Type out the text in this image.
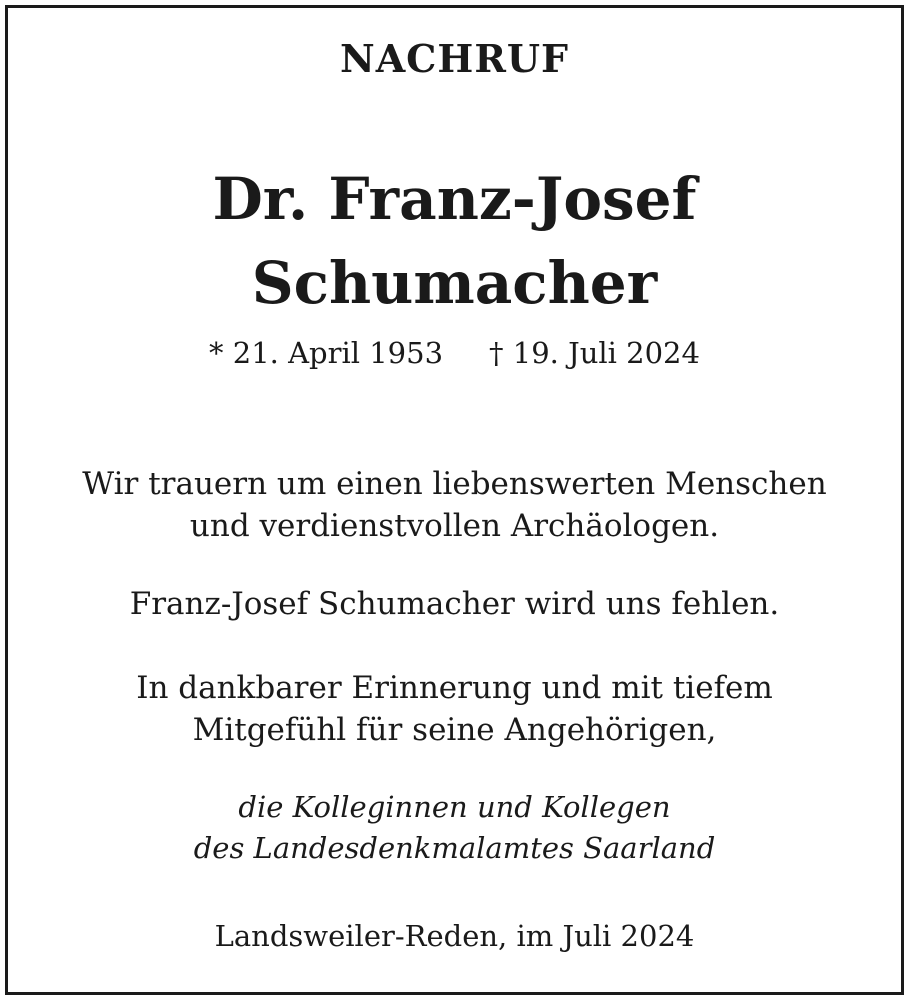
NACHRUF
Dr. Franz-Josef
Schumacher
* 21. April 1953 † 19. Juli 2024
Wir trauern um einen liebenswerten Menschen
und verdienstvollen Archäologen.
Franz-Josef Schumacher wird uns fehlen.
In dankbarer Erinnerung und mit tiefem
Mitgefühl für seine Angehörigen,
die Kolleginnen und Kollegen
des Landesdenkmalamtes Saarland
Landsweiler-Reden, im Juli 2024
